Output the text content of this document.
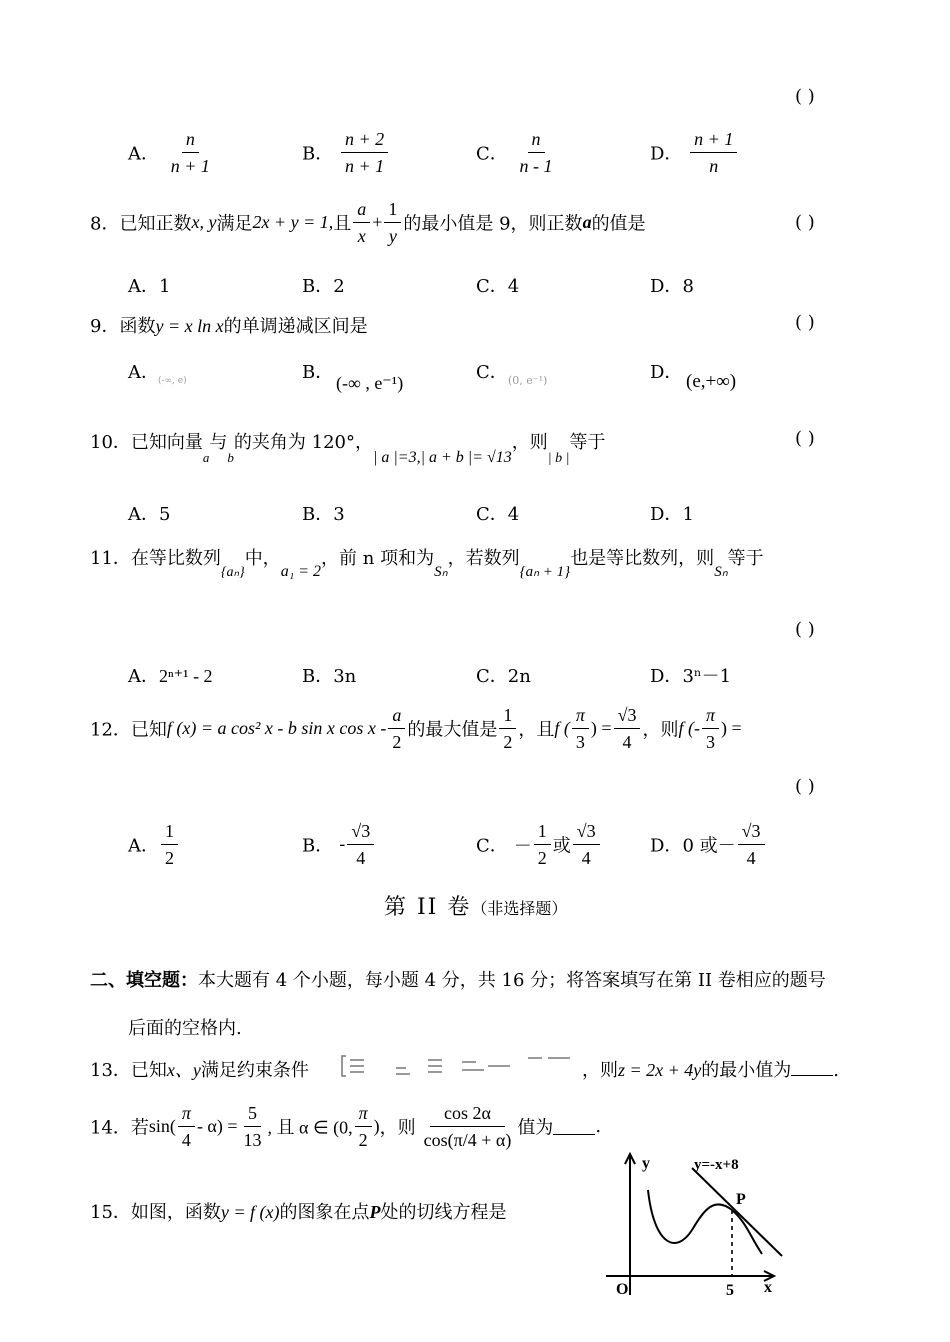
( )
A． $\frac{n}{n + 1}$	B． $\frac{n + 2}{n + 1}$	C． $\frac{n}{n - 1}$	D． $\frac{n + 1}{n}$
8．已知正数x, y满足2x + y = 1,且 $\frac{a}{x} + \frac{1}{y}$ 的最小值是 9，则正数a的值是	( )
A．1	B．2	C．4	D．8
9．函数y = x ln x的单调递减区间是	( )
A． (-∞, e)	B． (-∞ , e⁻¹)	C． (0, e⁻¹)	D． (e,+∞)
10．已知向量$_a$与$_b$的夹角为 120°，| a |=3,| a + b |= √13，则$_{| b |}$等于	( )
A．5	B．3	C．4	D．1
11．在等比数列$_{\{a_n\}}$中，a₁ = 2，前 n 项和为$_{S_n}$，若数列$_{\{a_n + 1\}}$也是等比数列，则$_{S_n}$等于
( )
A．2ⁿ⁺¹ - 2	B．3n	C．2n	D．3ⁿ－1
12．已知f (x) = a cos² x - b sin x cos x - $\frac{a}{2}$ 的最大值是 $\frac{1}{2}$ ，且f ( $\frac{\pi}{3}$ ) = $\frac{√3}{4}$ ，则f (- $\frac{\pi}{3}$ ) =
( )
A． $\frac{1}{2}$	B． - $\frac{√3}{4}$	C． － $\frac{1}{2}$ 或 $\frac{√3}{4}$	D．0 或－ $\frac{√3}{4}$
第 II 卷（非选择题）
二、填空题：本大题有 4 个小题，每小题 4 分，共 16 分；将答案填写在第 II 卷相应的题号
后面的空格内.
13．已知x、y满足约束条件	，则z = 2x + 4y的最小值为 .
14．若$\sin( \frac{\pi}{4} - \alpha) = \frac{5}{13}$ , 且 α ∈ (0, $\frac{\pi}{2}$ )，则 $\frac{\cos 2\alpha}{\cos(\pi/4 + \alpha)}$ 值为 .
15．如图，函数y = f (x)的图象在点P处的切线方程是
y	y=-x+8
P
O	5 x
